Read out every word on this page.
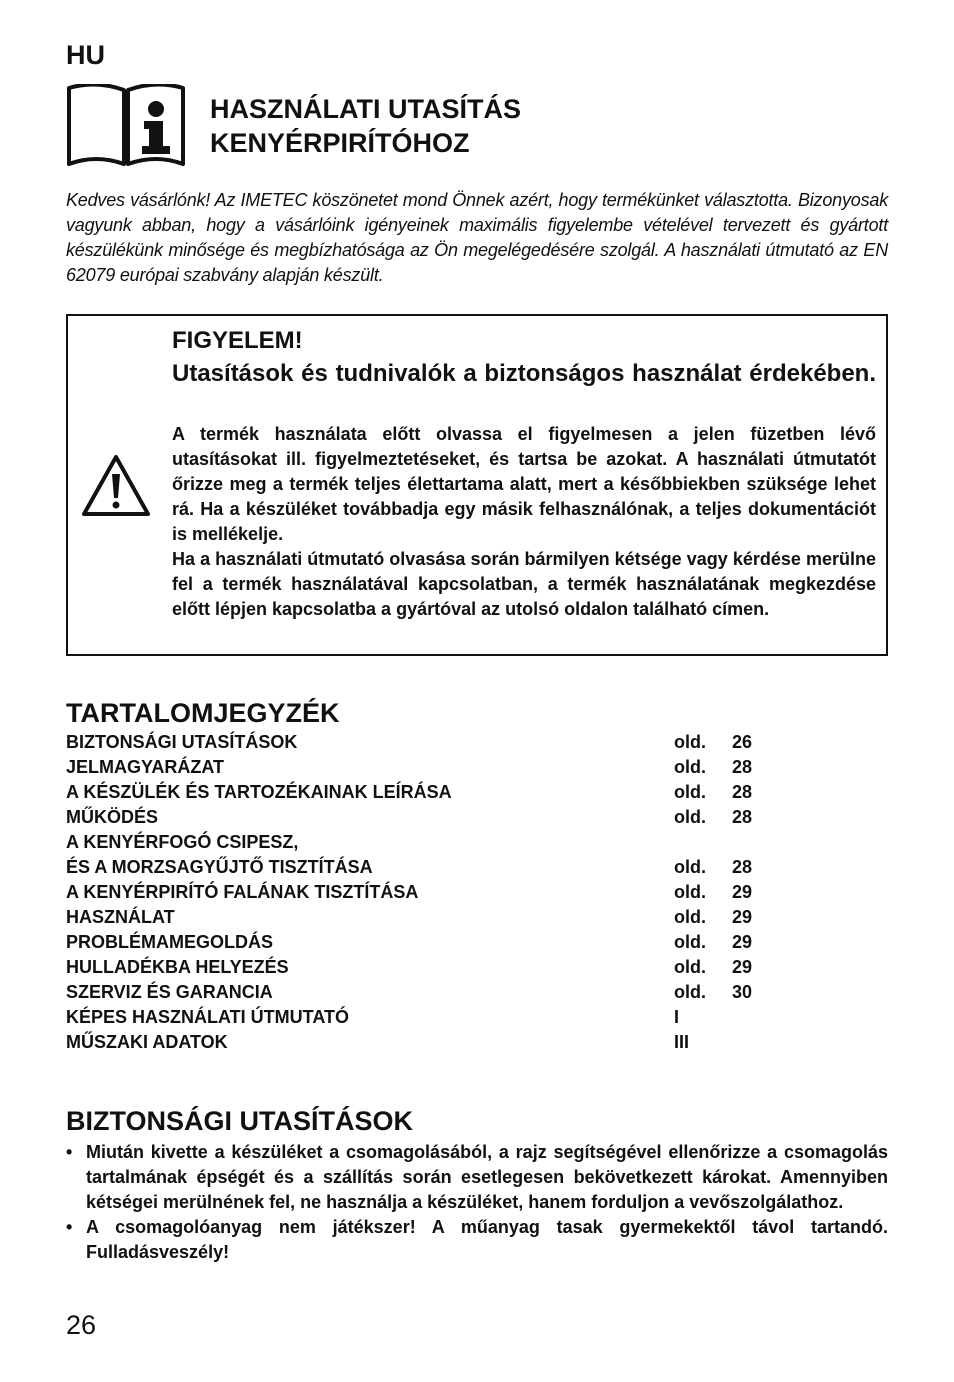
HU
HASZNÁLATI UTASÍTÁS
KENYÉRPIRÍTÓHOZ
Kedves vásárlónk! Az IMETEC köszönetet mond Önnek azért, hogy termékünket választotta. Bizonyosak vagyunk abban, hogy a vásárlóink igényeinek maximális figyelembe vételével tervezett és gyártott készülékünk minősége és megbízhatósága az Ön megelégedésére szolgál. A használati útmutató az EN 62079 európai szabvány alapján készült.
FIGYELEM!
Utasítások és tudnivalók a biztonságos használat érdekében.

A termék használata előtt olvassa el figyelmesen a jelen füzetben lévő utasításokat ill. figyelmeztetéseket, és tartsa be azokat. A használati útmutatót őrizze meg a termék teljes élettartama alatt, mert a későbbiekben szüksége lehet rá. Ha a készüléket továbbadja egy másik felhasználónak, a teljes dokumentációt is mellékelje.

Ha a használati útmutató olvasása során bármilyen kétsége vagy kérdése merülne fel a termék használatával kapcsolatban, a termék használatának megkezdése előtt lépjen kapcsolatba a gyártóval az utolsó oldalon található címen.

TARTALOMJEGYZÉK
BIZTONSÁGI UTASÍTÁSOK	old. 26
JELMAGYARÁZAT	old. 28
A KÉSZÜLÉK ÉS TARTOZÉKAINAK LEÍRÁSA	old. 28
MŰKÖDÉS	old. 28
A KENYÉRFOGÓ CSIPESZ,
ÉS A MORZSAGYŰJTŐ TISZTÍTÁSA	old. 28
A KENYÉRPIRÍTÓ FALÁNAK TISZTÍTÁSA	old. 29
HASZNÁLAT	old. 29
PROBLÉMAMEGOLDÁS	old. 29
HULLADÉKBA HELYEZÉS	old. 29
SZERVIZ ÉS GARANCIA	old. 30
KÉPES HASZNÁLATI ÚTMUTATÓ	I
MŰSZAKI ADATOK	III
BIZTONSÁGI UTASÍTÁSOK

• Miután kivette a készüléket a csomagolásából, a rajz segítségével ellenőrizze a csomagolás tartalmának épségét és a szállítás során esetlegesen bekövetkezett károkat. Amennyiben kétségei merülnének fel, ne használja a készüléket, hanem forduljon a vevőszolgálathoz.

• A csomagolóanyag nem játékszer! A műanyag tasak gyermekektől távol tartandó. Fulladásveszély!

26
